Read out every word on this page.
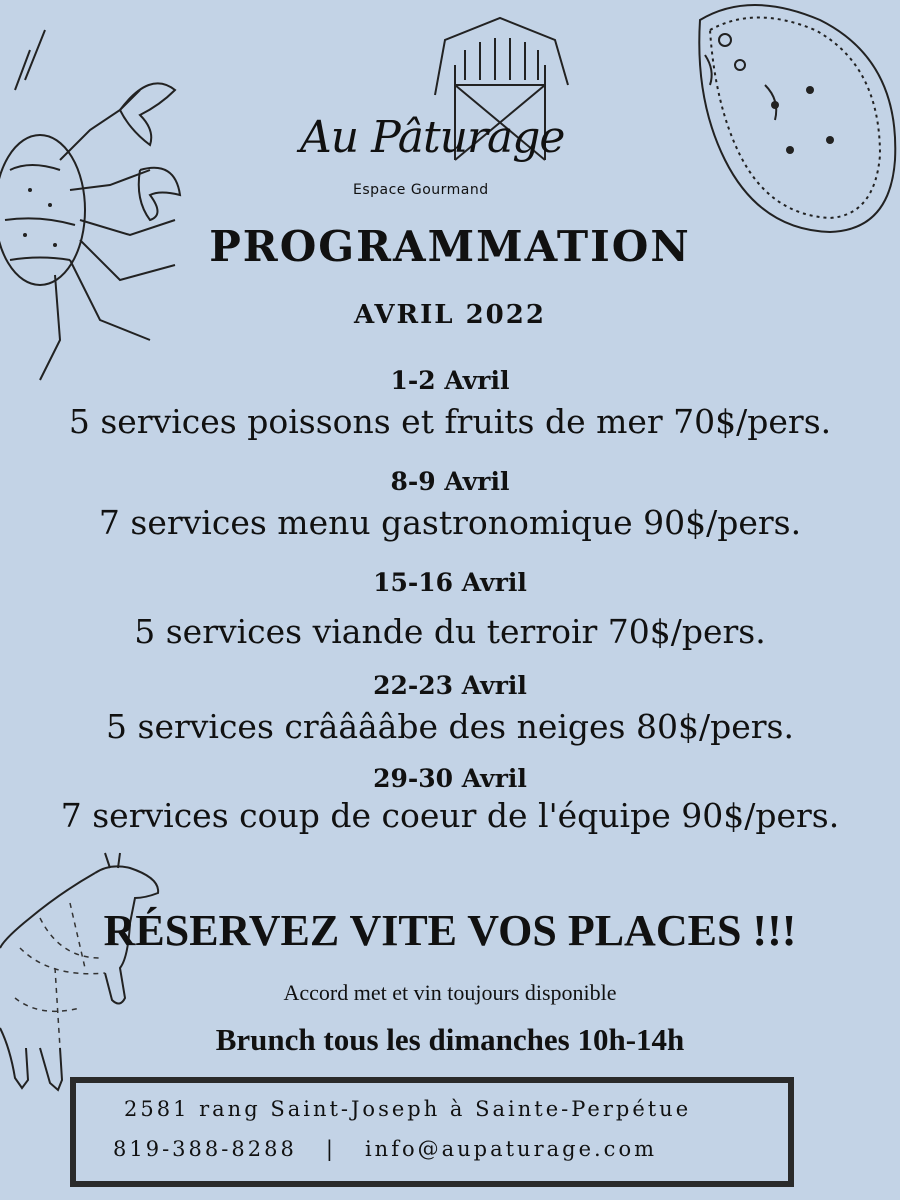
Au Pâturage
Espace Gourmand
PROGRAMMATION
AVRIL 2022
1-2 Avril
5 services poissons et fruits de mer 70$/pers.
8-9 Avril
7 services menu gastronomique 90$/pers.
15-16 Avril
5 services viande du terroir 70$/pers.
22-23 Avril
5 services crââââbe des neiges 80$/pers.
29-30 Avril
7 services coup de coeur de l'équipe 90$/pers.
RÉSERVEZ VITE VOS PLACES !!!
Accord met et vin toujours disponible
Brunch tous les dimanches 10h-14h
2581 rang Saint-Joseph à Sainte-Perpétue
819-388-8288 | info@aupaturage.com
